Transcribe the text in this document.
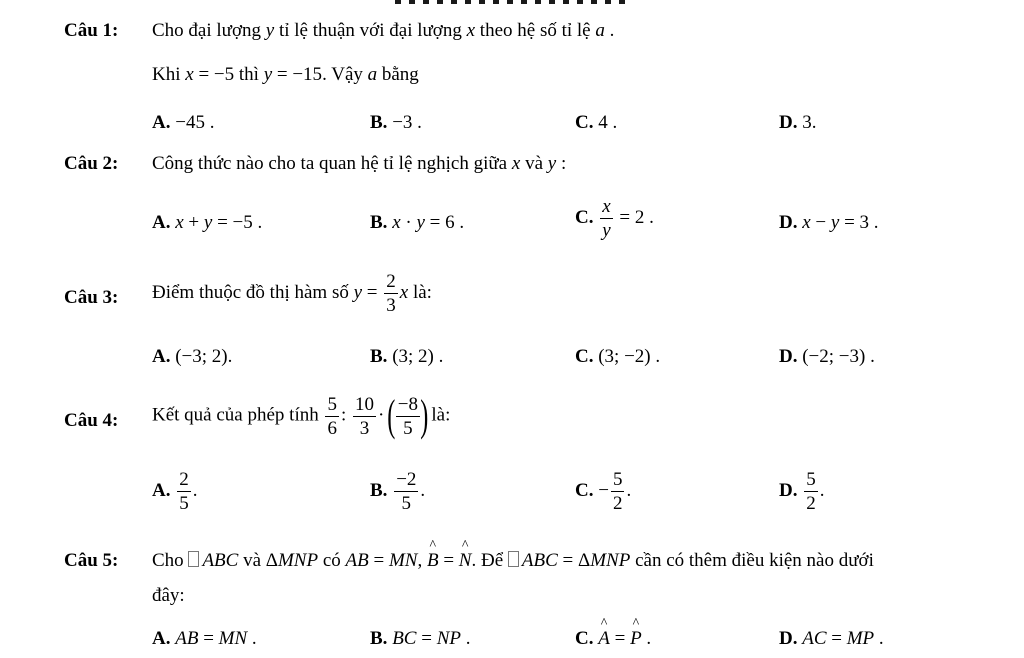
Câu 1: Cho đại lượng y tỉ lệ thuận với đại lượng x theo hệ số tỉ lệ a .
Khi x = −5 thì y = −15. Vậy a bằng
A. −45 .	B. −3 .	C. 4 .	D. 3.
Câu 2: Công thức nào cho ta quan hệ tỉ lệ nghịch giữa x và y :
A. x + y = −5 .	B. x · y = 6 .	C. $\frac{x}{y} = 2$ .	D. x − y = 3 .
Câu 3: Điểm thuộc đồ thị hàm số $y = \frac{2}{3}$ x là:
A. (−3; 2).	B. (3; 2) .	C. (3; −2) .	D. (−2; −3) .
Câu 4: Kết quả của phép tính $\frac{5}{6}$ : $\frac{10}{3}$ · ( $\frac{-8}{5}$ ) là:
A. $\frac{2}{5}$ .	B. $\frac{-2}{5}$ .	C. − $\frac{5}{2}$ .	D. $\frac{5}{2}$ .
Câu 5: Cho ABC và ΔMNP có AB = MN, B ^ = N ^. Để ABC = ΔMNP cần có thêm điều kiện nào dưới
đây:
A. AB = MN .	B. BC = NP .	C. A ^ = P ^ .	D. AC = MP .
